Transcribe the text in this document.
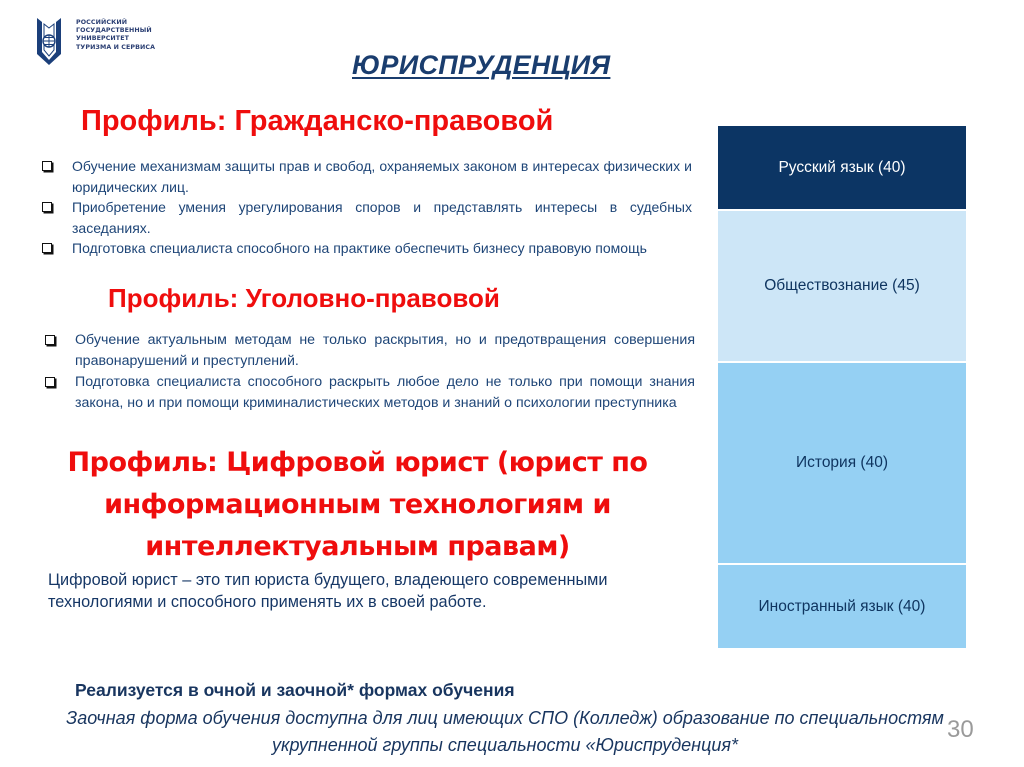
РОССИЙСКИЙ
ГОСУДАРСТВЕННЫЙ
УНИВЕРСИТЕТ
ТУРИЗМА И СЕРВИСА
ЮРИСПРУДЕНЦИЯ
Профиль: Гражданско-правовой
Обучение механизмам защиты прав и свобод, охраняемых законом в интересах физических и юридических лиц.
Приобретение умения урегулирования споров и представлять интересы в судебных заседаниях.
Подготовка специалиста способного на практике обеспечить бизнесу правовую помощь
Профиль: Уголовно-правовой
Обучение актуальным методам не только раскрытия, но и предотвращения совершения правонарушений и преступлений.
Подготовка специалиста способного раскрыть любое дело не только при помощи знания закона, но и при помощи криминалистических методов и знаний о психологии преступника
Профиль: Цифровой юрист (юрист по информационным технологиям и интеллектуальным правам)
Цифровой юрист – это тип юриста будущего, владеющего современными технологиями и способного применять их в своей работе.
Русский язык (40)
Обществознание (45)
История (40)
Иностранный язык (40)
Реализуется в очной и заочной* формах обучения
Заочная форма обучения доступна для лиц имеющих СПО (Колледж) образование по специальностям укрупненной группы специальности «Юриспруденция*
30
